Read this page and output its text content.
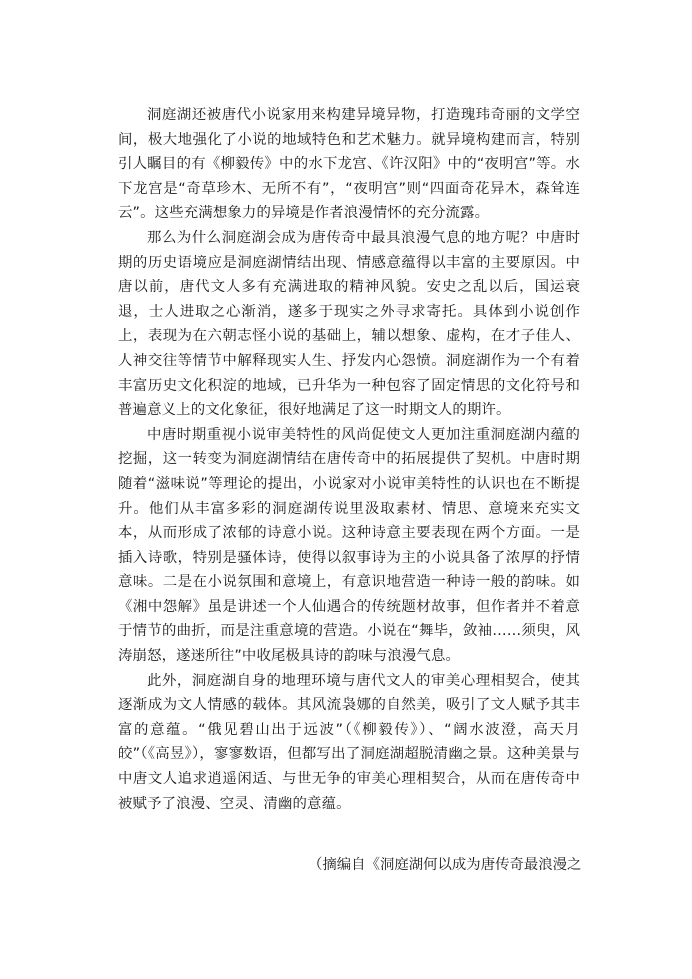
洞庭湖还被唐代小说家用来构建异境异物，打造瑰玮奇丽的文学空间，极大地强化了小说的地域特色和艺术魅力。就异境构建而言，特别引人瞩目的有《柳毅传》中的水下龙宫、《许汉阳》中的“夜明宫”等。水下龙宫是“奇草珍木、无所不有”，“夜明宫”则“四面奇花异木，森耸连云”。这些充满想象力的异境是作者浪漫情怀的充分流露。

那么为什么洞庭湖会成为唐传奇中最具浪漫气息的地方呢？中唐时期的历史语境应是洞庭湖情结出现、情感意蕴得以丰富的主要原因。中唐以前，唐代文人多有充满进取的精神风貌。安史之乱以后，国运衰退，士人进取之心渐消，遂多于现实之外寻求寄托。具体到小说创作上，表现为在六朝志怪小说的基础上，辅以想象、虚构，在才子佳人、人神交往等情节中解释现实人生、抒发内心怨愤。洞庭湖作为一个有着丰富历史文化积淀的地域，已升华为一种包容了固定情思的文化符号和普遍意义上的文化象征，很好地满足了这一时期文人的期许。

中唐时期重视小说审美特性的风尚促使文人更加注重洞庭湖内蕴的挖掘，这一转变为洞庭湖情结在唐传奇中的拓展提供了契机。中唐时期随着“滋味说”等理论的提出，小说家对小说审美特性的认识也在不断提升。他们从丰富多彩的洞庭湖传说里汲取素材、情思、意境来充实文本，从而形成了浓郁的诗意小说。这种诗意主要表现在两个方面。一是插入诗歌，特别是骚体诗，使得以叙事诗为主的小说具备了浓厚的抒情意味。二是在小说氛围和意境上，有意识地营造一种诗一般的韵味。如《湘中怨解》虽是讲述一个人仙遇合的传统题材故事，但作者并不着意于情节的曲折，而是注重意境的营造。小说在“舞毕，敛袖……须臾，风涛崩怒，遂迷所往”中收尾极具诗的韵味与浪漫气息。

此外，洞庭湖自身的地理环境与唐代文人的审美心理相契合，使其逐渐成为文人情感的载体。其风流袅娜的自然美，吸引了文人赋予其丰富的意蕴。“俄见碧山出于远波”（《柳毅传》）、“阔水波澄，高天月皎”（《高昱》），寥寥数语，但都写出了洞庭湖超脱清幽之景。这种美景与中唐文人追求逍遥闲适、与世无争的审美心理相契合，从而在唐传奇中被赋予了浪漫、空灵、清幽的意蕴。

（摘编自《洞庭湖何以成为唐传奇最浪漫之
